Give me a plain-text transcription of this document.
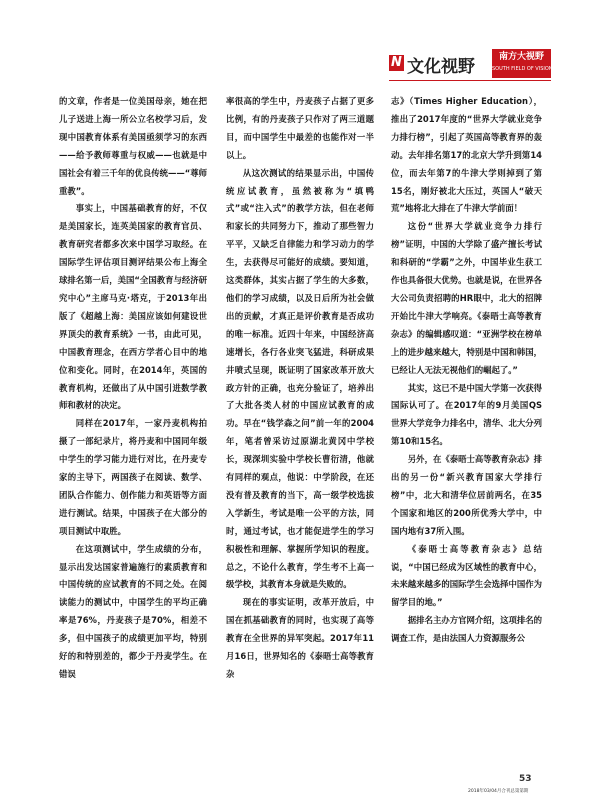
N 文化视野	南方大视野
SOUTH FIELD OF VISION

的文章，作者是一位美国母亲，她在把儿子送进上海一所公立名校学习后，发现中国教育体系有美国亟须学习的东西——给予教师尊重与权威——也就是中国社会有着三千年的优良传统——“尊师重教”。

事实上，中国基础教育的好，不仅是美国家长，连英美国家的教育官员、教育研究者都多次来中国学习取经。在国际学生评估项目测评结果公布上海全球排名第一后，美国“全国教育与经济研究中心”主席马克·塔克，于2013年出版了《超越上海：美国应该如何建设世界顶尖的教育系统》一书，由此可见，中国教育理念，在西方学者心目中的地位和变化。同时，在2014年，英国的教育机构，还做出了从中国引进数学教师和教材的决定。

同样在2017年，一家丹麦机构拍摄了一部纪录片，将丹麦和中国同年级中学生的学习能力进行对比，在丹麦专家的主导下，两国孩子在阅读、数学、团队合作能力、创作能力和英语等方面进行测试。结果，中国孩子在大部分的项目测试中取胜。

在这项测试中，学生成绩的分布，显示出发达国家普遍施行的素质教育和中国传统的应试教育的不同之处。在阅读能力的测试中，中国学生的平均正确率是76%，丹麦孩子是70%，相差不多，但中国孩子的成绩更加平均，特别好的和特别差的，都少于丹麦学生。在错误

率很高的学生中，丹麦孩子占据了更多比例，有的丹麦孩子只作对了两三道题目，而中国学生中最差的也能作对一半以上。

从这次测试的结果显示出，中国传统应试教育，虽然被称为“填鸭式”或“注入式”的教学方法，但在老师和家长的共同努力下，推动了那些智力平平，又缺乏自律能力和学习动力的学生，去获得尽可能好的成绩。要知道，这类群体，其实占据了学生的大多数，他们的学习成绩，以及日后所为社会做出的贡献，才真正是评价教育是否成功的唯一标准。近四十年来，中国经济高速增长，各行各业突飞猛进，科研成果井喷式呈现，既证明了国家改革开放大政方针的正确，也充分验证了，培养出了大批各类人材的中国应试教育的成功。早在“钱学森之问”前一年的2004年，笔者曾采访过原湖北黄冈中学校长，现深圳实验中学校长曹衍清，他就有同样的观点，他说：中学阶段，在还没有普及教育的当下，高一级学校选拔入学新生，考试是唯一公平的方法，同时，通过考试，也才能促进学生的学习积极性和理解、掌握所学知识的程度。总之，不论什么教育，学生考不上高一级学校，其教育本身就是失败的。

现在的事实证明，改革开放后，中国在抓基础教育的同时，也实现了高等教育在全世界的异军突起。2017年11月16日，世界知名的《泰晤士高等教育杂

志》（Times Higher Education），推出了2017年度的“世界大学就业竞争力排行榜”，引起了英国高等教育界的轰动。去年排名第17的北京大学升到第14位，而去年第7的牛津大学则掉到了第15名，刚好被北大压过，英国人“破天荒”地将北大排在了牛津大学前面！

这份“世界大学就业竞争力排行榜”证明，中国的大学除了盛产擅长考试和科研的“学霸”之外，中国毕业生获工作也具备很大优势。也就是说，在世界各大公司负责招聘的HR眼中，北大的招牌开始比牛津大学响亮。《泰晤士高等教育杂志》的编辑感叹道：“亚洲学校在榜单上的进步越来越大，特别是中国和韩国，已经让人无法无视他们的崛起了。”

其实，这已不是中国大学第一次获得国际认可了。在2017年的9月美国QS世界大学竞争力排名中，清华、北大分列第10和15名。

另外，在《泰晤士高等教育杂志》排出的另一份“新兴教育国家大学排行榜”中，北大和清华位居前两名，在35个国家和地区的200所优秀大学中，中国内地有37所入围。

《泰晤士高等教育杂志》总结说，“中国已经成为区域性的教育中心，未来越来越多的国际学生会选择中国作为留学目的地。”

据排名主办方官网介绍，这项排名的调查工作，是由法国人力资源服务公

53
2018年03/04月合刊总第第期
